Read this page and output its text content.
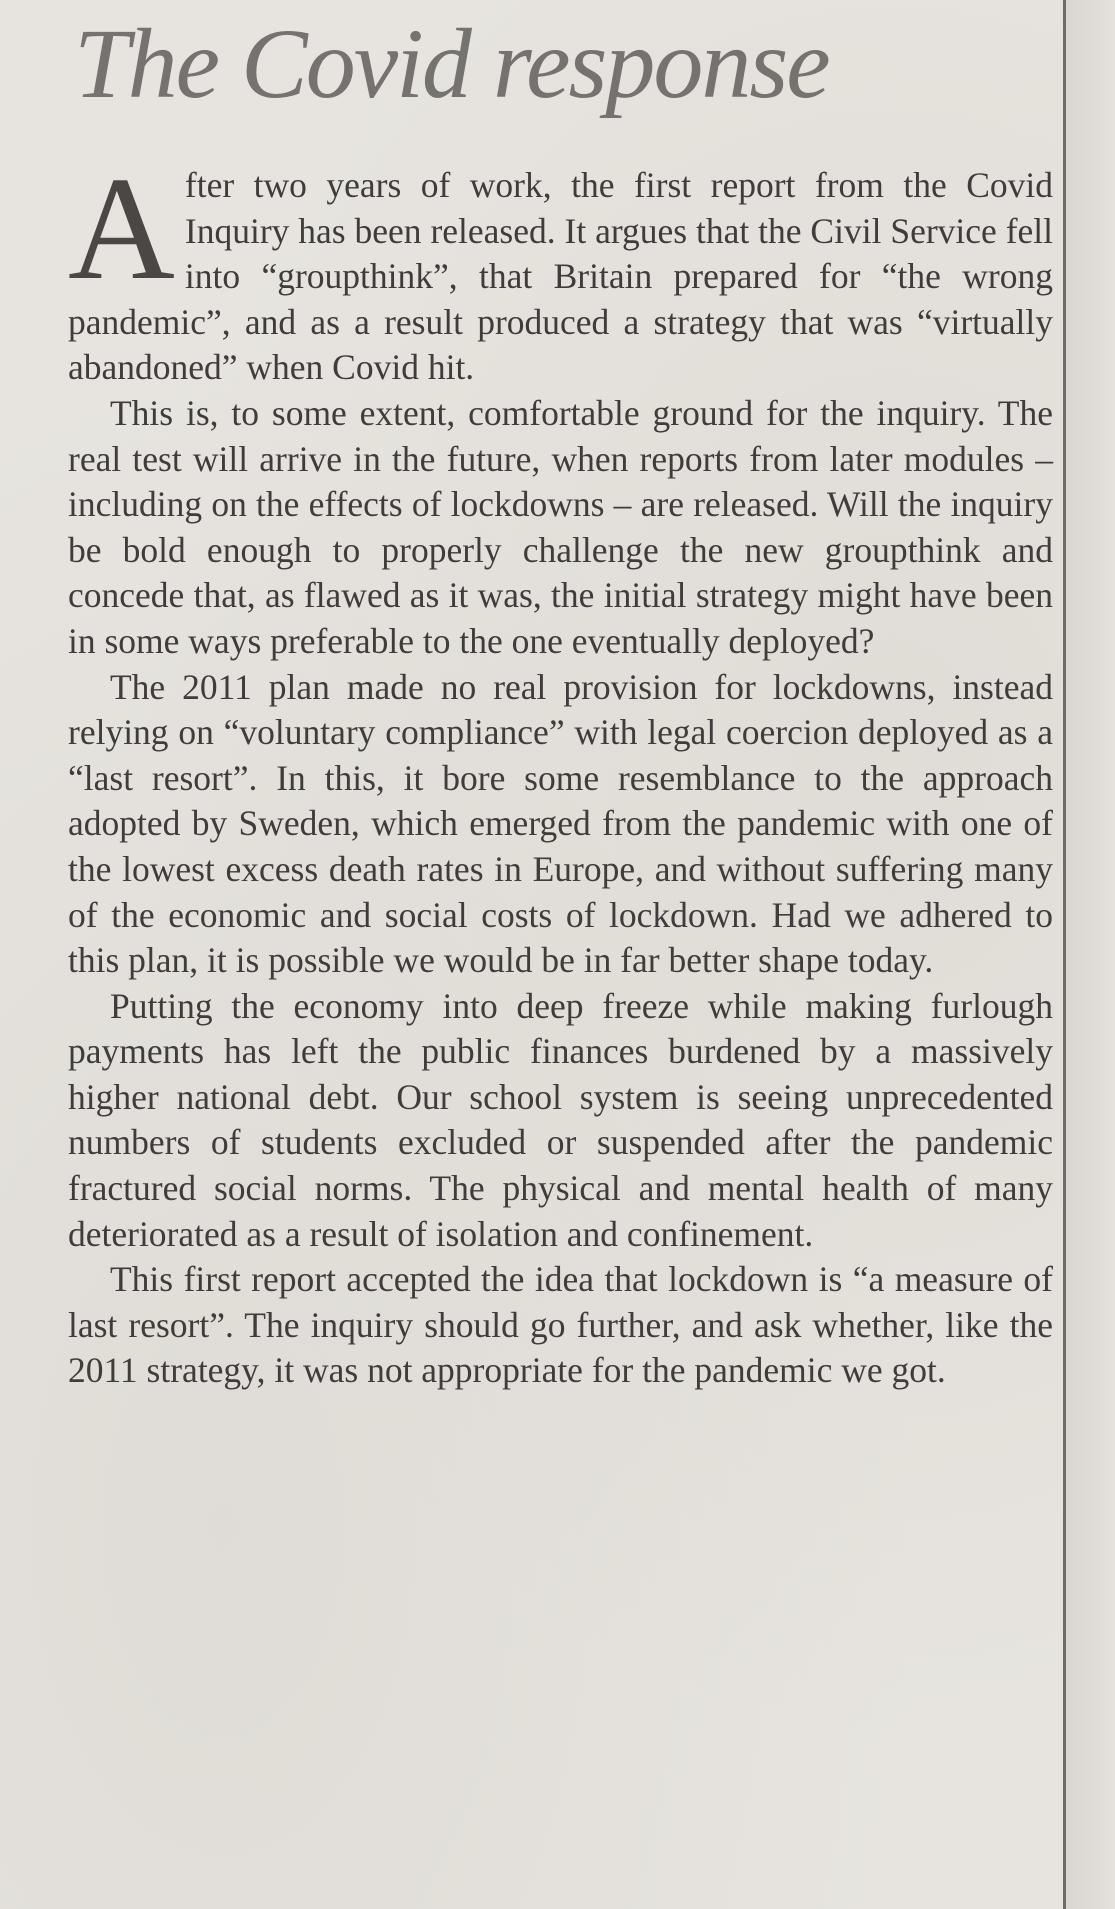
The Covid response

After two years of work, the first report from the Covid Inquiry has been released. It argues that the Civil Service fell into “groupthink”, that Britain prepared for “the wrong pandemic”, and as a result produced a strategy that was “virtually abandoned” when Covid hit.

This is, to some extent, comfortable ground for the inquiry. The real test will arrive in the future, when reports from later modules – including on the effects of lockdowns – are released. Will the inquiry be bold enough to properly challenge the new groupthink and concede that, as flawed as it was, the initial strategy might have been in some ways preferable to the one eventually deployed?

The 2011 plan made no real provision for lockdowns, instead relying on “voluntary compliance” with legal coercion deployed as a “last resort”. In this, it bore some resemblance to the approach adopted by Sweden, which emerged from the pandemic with one of the lowest excess death rates in Europe, and without suffering many of the economic and social costs of lockdown. Had we adhered to this plan, it is possible we would be in far better shape today.

Putting the economy into deep freeze while making furlough payments has left the public finances burdened by a massively higher national debt. Our school system is seeing unprecedented numbers of students excluded or suspended after the pandemic fractured social norms. The physical and mental health of many deteriorated as a result of isolation and confinement.

This first report accepted the idea that lockdown is “a measure of last resort”. The inquiry should go further, and ask whether, like the 2011 strategy, it was not appropriate for the pandemic we got.
